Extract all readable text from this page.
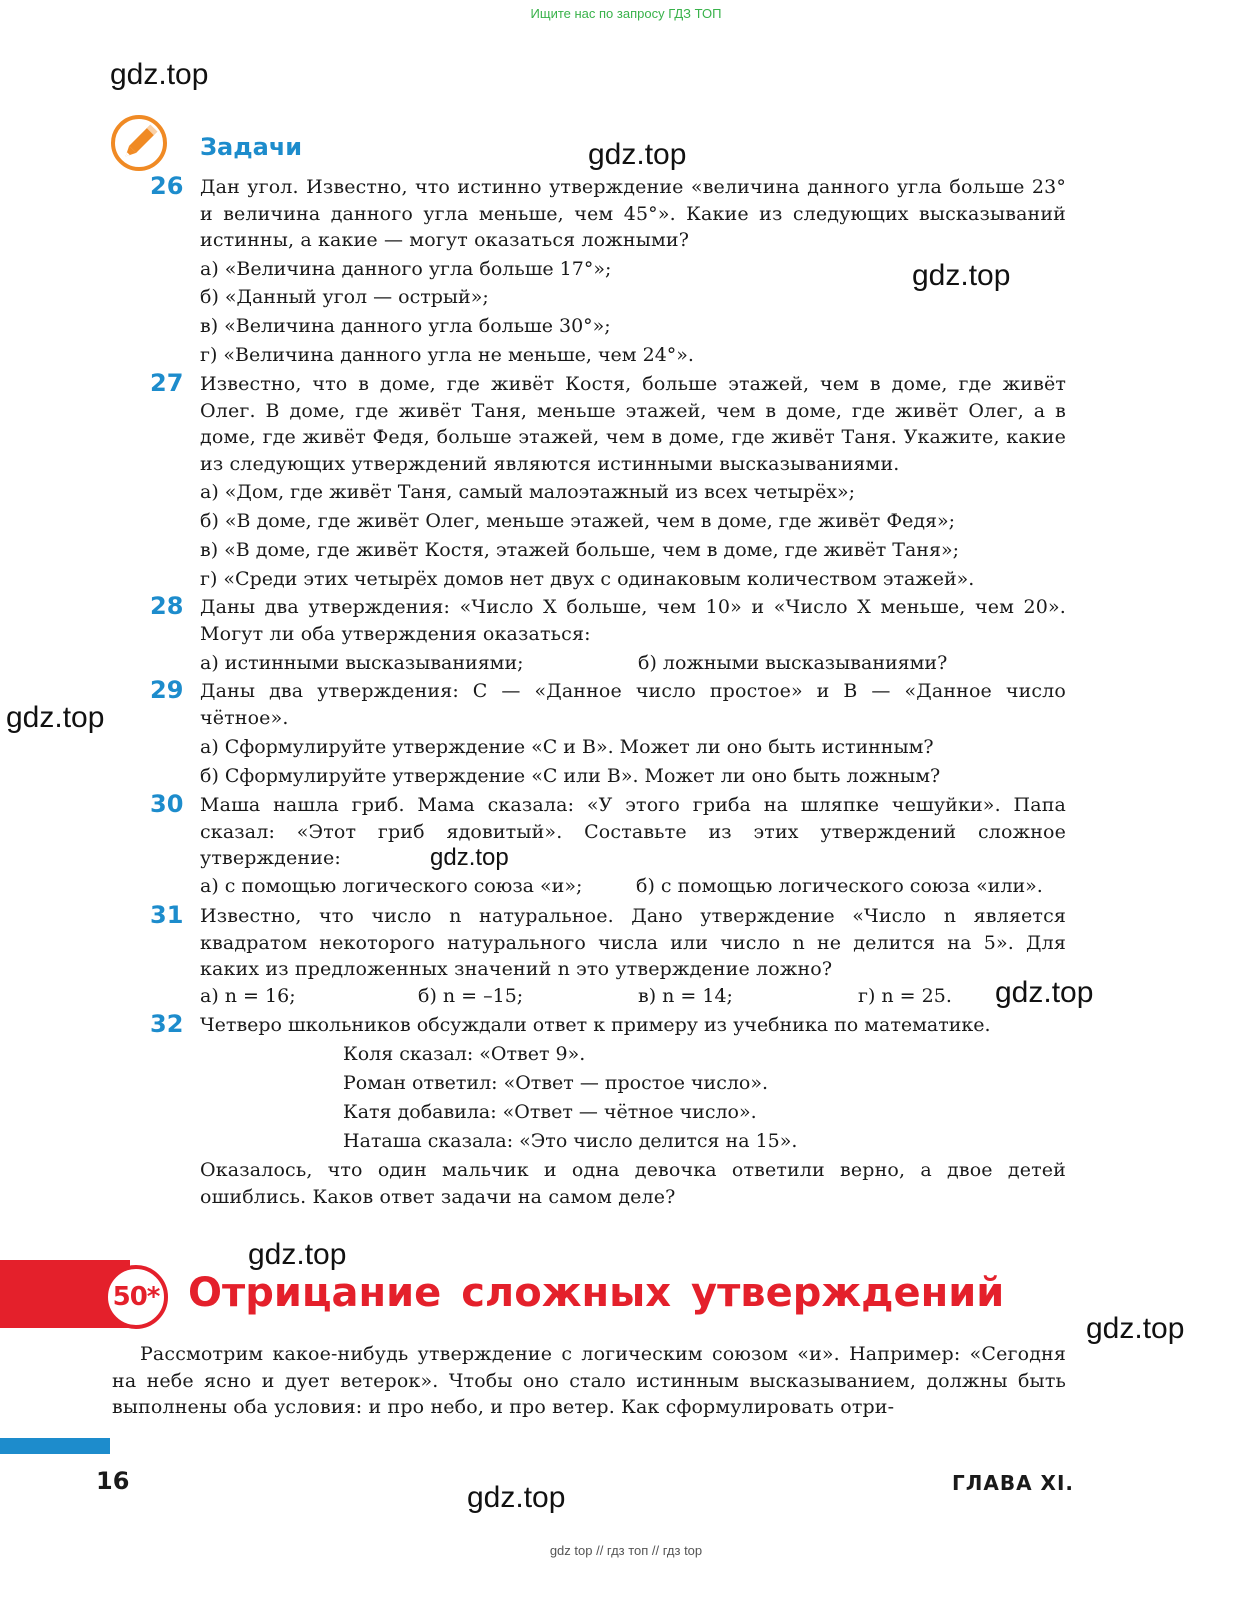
Ищите нас по запросу ГДЗ ТОП
gdz.top
gdz.top
gdz.top
gdz.top
gdz.top
gdz.top
gdz.top
gdz.top
gdz.top
Задачи
26 Дан угол. Известно, что истинно утверждение «величина данного угла больше 23° и величина данного угла меньше, чем 45°». Какие из следующих высказываний истинны, а какие — могут оказаться ложными?
а) «Величина данного угла больше 17°»;
б) «Данный угол — острый»;
в) «Величина данного угла больше 30°»;
г) «Величина данного угла не меньше, чем 24°».
27 Известно, что в доме, где живёт Костя, больше этажей, чем в доме, где живёт Олег. В доме, где живёт Таня, меньше этажей, чем в доме, где живёт Олег, а в доме, где живёт Федя, больше этажей, чем в доме, где живёт Таня. Укажите, какие из следующих утверждений являются истинными высказываниями.
а) «Дом, где живёт Таня, самый малоэтажный из всех четырёх»;
б) «В доме, где живёт Олег, меньше этажей, чем в доме, где живёт Федя»;
в) «В доме, где живёт Костя, этажей больше, чем в доме, где живёт Таня»;
г) «Среди этих четырёх домов нет двух с одинаковым количеством этажей».
28 Даны два утверждения: «Число X больше, чем 10» и «Число X меньше, чем 20». Могут ли оба утверждения оказаться:
а) истинными высказываниями;	б) ложными высказываниями?
29 Даны два утверждения: C — «Данное число простое» и B — «Данное число чётное».
а) Сформулируйте утверждение «C и B». Может ли оно быть истинным?
б) Сформулируйте утверждение «C или B». Может ли оно быть ложным?
30 Маша нашла гриб. Мама сказала: «У этого гриба на шляпке чешуйки». Папа сказал: «Этот гриб ядовитый». Составьте из этих утверждений сложное утверждение:
а) с помощью логического союза «и»;	б) с помощью логического союза «или».
31 Известно, что число n натуральное. Дано утверждение «Число n является квадратом некоторого натурального числа или число n не делится на 5». Для каких из предложенных значений n это утверждение ложно?
а) n = 16;	б) n = –15;	в) n = 14;	г) n = 25.
32 Четверо школьников обсуждали ответ к примеру из учебника по математике.
Коля сказал: «Ответ 9».
Роман ответил: «Ответ — простое число».
Катя добавила: «Ответ — чётное число».
Наташа сказала: «Это число делится на 15».
Оказалось, что один мальчик и одна девочка ответили верно, а двое детей ошиблись. Каков ответ задачи на самом деле?
50* Отрицание сложных утверждений
Рассмотрим какое-нибудь утверждение с логическим союзом «и». Например: «Сегодня на небе ясно и дует ветерок». Чтобы оно стало истинным высказыванием, должны быть выполнены оба условия: и про небо, и про ветер. Как сформулировать отри-
16	ГЛАВА XI.
gdz top // гдз топ // гдз top
